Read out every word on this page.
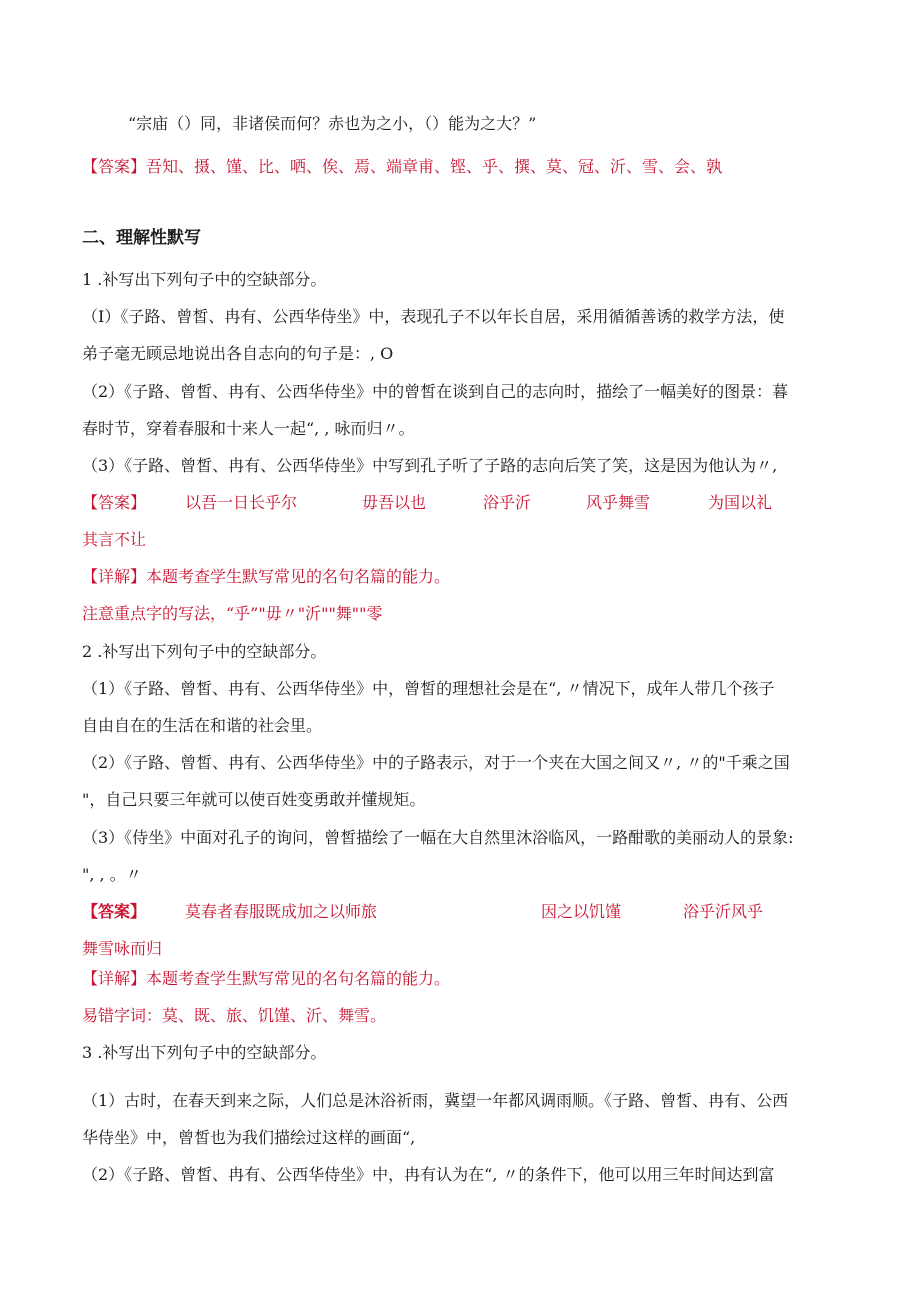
“宗庙（）同，非诸侯而何？赤也为之小，（）能为之大？”
【答案】吾知、摄、馑、比、哂、俟、焉、端章甫、铿、乎、撰、莫、冠、沂、雪、会、孰
二、理解性默写
1 .补写出下列句子中的空缺部分。
（I）《子路、曾皙、冉有、公西华侍坐》中，表现孔子不以年长自居，采用循循善诱的救学方法，使
弟子毫无顾忌地说出各自志向的句子是：, O
（2）《子路、曾皙、冉有、公西华侍坐》中的曾皙在谈到自己的志向时，描绘了一幅美好的图景：暮
春时节，穿着春服和十来人一起“, , 咏而归〃。
（3）《子路、曾皙、冉有、公西华侍坐》中写到孔子听了子路的志向后笑了笑，这是因为他认为〃,
【答案】 以吾一日长乎尔	毋吾以也	浴乎沂	风乎舞雪	为国以礼
其言不让
【详解】本题考查学生默写常见的名句名篇的能力。
注意重点字的写法，“乎”"毋〃"沂""舞""零
2 .补写出下列句子中的空缺部分。
（1）《子路、曾皙、冉有、公西华侍坐》中，曾皙的理想社会是在“, 〃情况下，成年人带几个孩子
自由自在的生活在和谐的社会里。
（2）《子路、曾皙、冉有、公西华侍坐》中的子路表示，对于一个夹在大国之间又〃, 〃的"千乘之国
"，自己只要三年就可以使百姓变勇敢并懂规矩。
（3）《侍坐》中面对孔子的询问，曾皙描绘了一幅在大自然里沐浴临风，一路酣歌的美丽动人的景象:
", , 。〃
【答案】 莫春者春服既成加之以师旅	因之以饥馑	浴乎沂风乎
舞雪咏而归
【详解】本题考查学生默写常见的名句名篇的能力。
易错字词：莫、既、旅、饥馑、沂、舞雪。
3 .补写出下列句子中的空缺部分。
（1）古时，在春天到来之际，人们总是沐浴祈雨，冀望一年都风调雨顺。《子路、曾皙、冉有、公西
华侍坐》中，曾皙也为我们描绘过这样的画面“,
（2）《子路、曾皙、冉有、公西华侍坐》中，冉有认为在“, 〃的条件下，他可以用三年时间达到富
